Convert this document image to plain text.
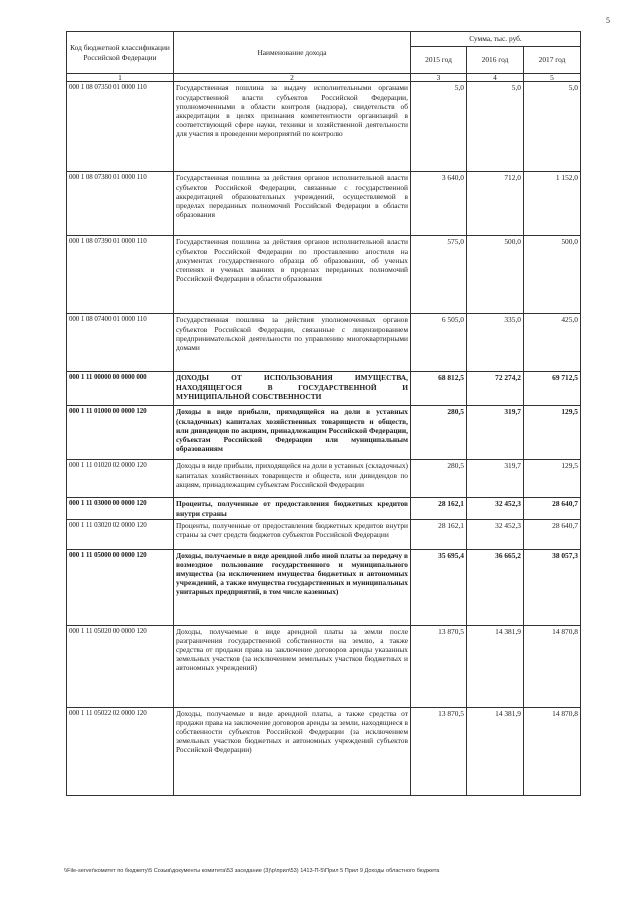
5
Код бюджетной классификации Российской Федерации	Наименование дохода	Сумма, тыс. руб.		
		2015 год	2016 год	2017 год
1	2	3	4	5
000 1 08 07350 01 0000 110	Государственная пошлина за выдачу исполнительными органами государственной власти субъектов Российской Федерации, уполномоченными в области контроля (надзора), свидетельств об аккредитации в целях признания компетентности организаций в соответствующей сфере науки, техники и хозяйственной деятельности для участия в проведении мероприятий по контролю	5,0	5,0	5,0
000 1 08 07380 01 0000 110	Государственная пошлина за действия органов исполнительной власти субъектов Российской Федерации, связанные с государственной аккредитацией образовательных учреждений, осуществляемой в пределах переданных полномочий Российской Федерации в области образования	3 640,0	712,0	1 152,0
000 1 08 07390 01 0000 110	Государственная пошлина за действия органов исполнительной власти субъектов Российской Федерации по проставлению апостиля на документах государственного образца об образовании, об ученых степенях и ученых званиях в пределах переданных полномочий Российской Федерации в области образования	575,0	500,0	500,0
000 1 08 07400 01 0000 110	Государственная пошлина за действия уполномоченных органов субъектов Российской Федерации, связанные с лицензированием предпринимательской деятельности по управлению многоквартирными домами	6 505,0	335,0	425,0
000 1 11 00000 00 0000 000	ДОХОДЫ ОТ ИСПОЛЬЗОВАНИЯ ИМУЩЕСТВА, НАХОДЯЩЕГОСЯ В ГОСУДАРСТВЕННОЙ И МУНИЦИПАЛЬНОЙ СОБСТВЕННОСТИ	68 812,5	72 274,2	69 712,5
000 1 11 01000 00 0000 120	Доходы в виде прибыли, приходящейся на доли в уставных (складочных) капиталах хозяйственных товариществ и обществ, или дивидендов по акциям, принадлежащим Российской Федерации, субъектам Российской Федерации или муниципальным образованиям	280,5	319,7	129,5
000 1 11 01020 02 0000 120	Доходы в виде прибыли, приходящейся на доли в уставных (складочных) капиталах хозяйственных товариществ и обществ, или дивидендов по акциям, принадлежащим субъектам Российской Федерации	280,5	319,7	129,5
000 1 11 03000 00 0000 120	Проценты, полученные от предоставления бюджетных кредитов внутри страны	28 162,1	32 452,3	28 640,7
000 1 11 03020 02 0000 120	Проценты, полученные от предоставления бюджетных кредитов внутри страны за счет средств бюджетов субъектов Российской Федерации	28 162,1	32 452,3	28 640,7
000 1 11 05000 00 0000 120	Доходы, получаемые в виде арендной либо иной платы за передачу в возмездное пользование государственного и муниципального имущества (за исключением имущества бюджетных и автономных учреждений, а также имущества государственных и муниципальных унитарных предприятий, в том числе казенных)	35 695,4	36 665,2	38 057,3
000 1 11 05020 00 0000 120	Доходы, получаемые в виде арендной платы за земли после разграничения государственной собственности на землю, а также средства от продажи права на заключение договоров аренды указанных земельных участков (за исключением земельных участков бюджетных и автономных учреждений)	13 870,5	14 381,9	14 870,8
000 1 11 05022 02 0000 120	Доходы, получаемые в виде арендной платы, а также средства от продажи права на заключение договоров аренды за земли, находящиеся в собственности субъектов Российской Федерации (за исключением земельных участков бюджетных и автономных учреждений субъектов Российской Федерации)	13 870,5	14 381,9	14 870,8
\\File-server\комитет по бюджету\5 Созыв\документы комитета\53 заседание (3)\р\прил\53) 1413-П-5\Прил 5 Прил 9 Доходы областного бюджета
